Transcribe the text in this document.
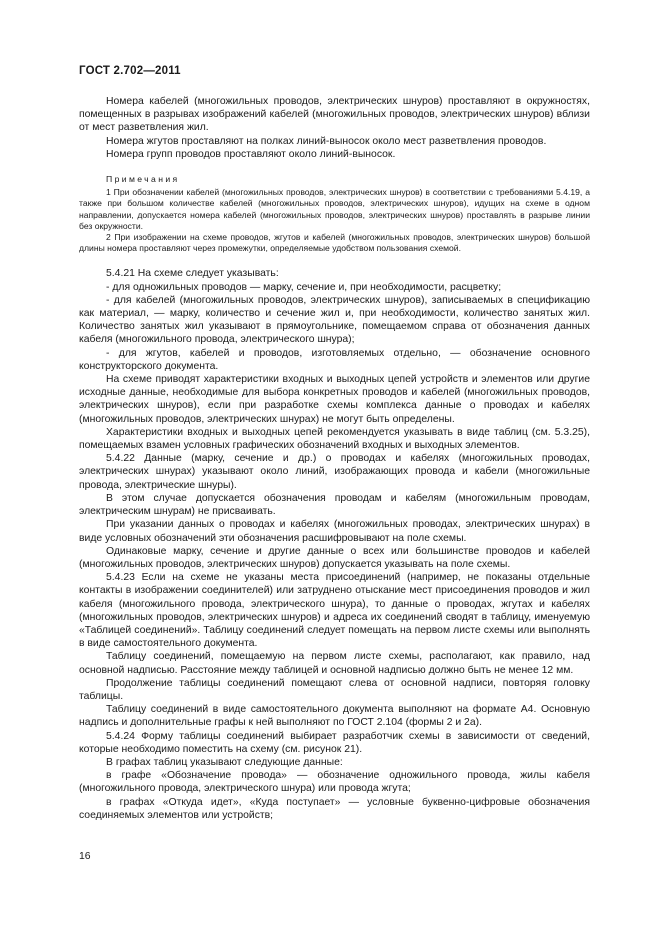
ГОСТ 2.702—2011

Номера кабелей (многожильных проводов, электрических шнуров) проставляют в окружностях, помещенных в разрывах изображений кабелей (многожильных проводов, электрических шнуров) вблизи от мест разветвления жил.

Номера жгутов проставляют на полках линий-выносок около мест разветвления проводов.

Номера групп проводов проставляют около линий-выносок.

Примечания

1 При обозначении кабелей (многожильных проводов, электрических шнуров) в соответствии с требованиями 5.4.19, а также при большом количестве кабелей (многожильных проводов, электрических шнуров), идущих на схеме в одном направлении, допускается номера кабелей (многожильных проводов, электрических шнуров) проставлять в разрыве линии без окружности.

2 При изображении на схеме проводов, жгутов и кабелей (многожильных проводов, электрических шнуров) большой длины номера проставляют через промежутки, определяемые удобством пользования схемой.

5.4.21 На схеме следует указывать:

- для одножильных проводов — марку, сечение и, при необходимости, расцветку;

- для кабелей (многожильных проводов, электрических шнуров), записываемых в спецификацию как материал, — марку, количество и сечение жил и, при необходимости, количество занятых жил. Количество занятых жил указывают в прямоугольнике, помещаемом справа от обозначения данных кабеля (многожильного провода, электрического шнура);

- для жгутов, кабелей и проводов, изготовляемых отдельно, — обозначение основного конструкторского документа.

На схеме приводят характеристики входных и выходных цепей устройств и элементов или другие исходные данные, необходимые для выбора конкретных проводов и кабелей (многожильных проводов, электрических шнуров), если при разработке схемы комплекса данные о проводах и кабелях (многожильных проводов, электрических шнурах) не могут быть определены.

Характеристики входных и выходных цепей рекомендуется указывать в виде таблиц (см. 5.3.25), помещаемых взамен условных графических обозначений входных и выходных элементов.

5.4.22 Данные (марку, сечение и др.) о проводах и кабелях (многожильных проводах, электрических шнурах) указывают около линий, изображающих провода и кабели (многожильные провода, электрические шнуры).

В этом случае допускается обозначения проводам и кабелям (многожильным проводам, электрическим шнурам) не присваивать.

При указании данных о проводах и кабелях (многожильных проводах, электрических шнурах) в виде условных обозначений эти обозначения расшифровывают на поле схемы.

Одинаковые марку, сечение и другие данные о всех или большинстве проводов и кабелей (многожильных проводов, электрических шнуров) допускается указывать на поле схемы.

5.4.23 Если на схеме не указаны места присоединений (например, не показаны отдельные контакты в изображении соединителей) или затруднено отыскание мест присоединения проводов и жил кабеля (многожильного провода, электрического шнура), то данные о проводах, жгутах и кабелях (многожильных проводов, электрических шнуров) и адреса их соединений сводят в таблицу, именуемую «Таблицей соединений». Таблицу соединений следует помещать на первом листе схемы или выполнять в виде самостоятельного документа.

Таблицу соединений, помещаемую на первом листе схемы, располагают, как правило, над основной надписью. Расстояние между таблицей и основной надписью должно быть не менее 12 мм.

Продолжение таблицы соединений помещают слева от основной надписи, повторяя головку таблицы.

Таблицу соединений в виде самостоятельного документа выполняют на формате А4. Основную надпись и дополнительные графы к ней выполняют по ГОСТ 2.104 (формы 2 и 2а).

5.4.24 Форму таблицы соединений выбирает разработчик схемы в зависимости от сведений, которые необходимо поместить на схему (см. рисунок 21).

В графах таблиц указывают следующие данные:

в графе «Обозначение провода» — обозначение одножильного провода, жилы кабеля (многожильного провода, электрического шнура) или провода жгута;

в графах «Откуда идет», «Куда поступает» — условные буквенно-цифровые обозначения соединяемых элементов или устройств;

16
